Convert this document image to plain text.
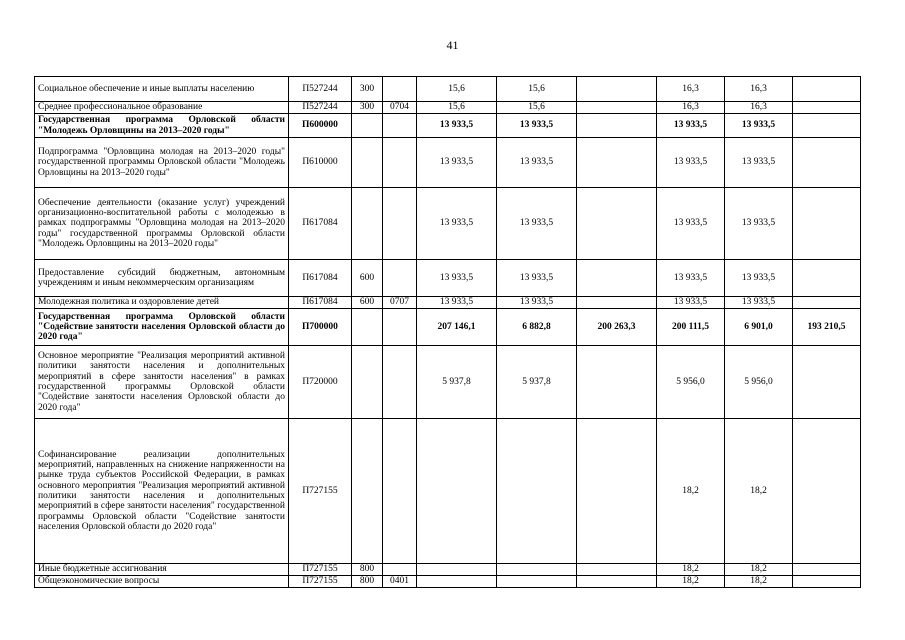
41
Социальное обеспечение и иные выплаты населению	П527244	300		15,6	15,6		16,3	16,3	
Среднее профессиональное образование	П527244	300	0704	15,6	15,6		16,3	16,3	
Государственная программа Орловской области "Молодежь Орловщины на 2013–2020 годы"	П600000			13 933,5	13 933,5		13 933,5	13 933,5	
Подпрограмма "Орловщина молодая на 2013–2020 годы" государственной программы Орловской области "Молодежь Орловщины на 2013–2020 годы"	П610000			13 933,5	13 933,5		13 933,5	13 933,5	
Обеспечение деятельности (оказание услуг) учреждений организационно-воспитательной работы с молодежью в рамках подпрограммы "Орловщина молодая на 2013–2020 годы" государственной программы Орловской области "Молодежь Орловщины на 2013–2020 годы"	П617084			13 933,5	13 933,5		13 933,5	13 933,5	
Предоставление субсидий бюджетным, автономным учреждениям и иным некоммерческим организациям	П617084	600		13 933,5	13 933,5		13 933,5	13 933,5	
Молодежная политика и оздоровление детей	П617084	600	0707	13 933,5	13 933,5		13 933,5	13 933,5	
Государственная программа Орловской области "Содействие занятости населения Орловской области до 2020 года"	П700000			207 146,1	6 882,8	200 263,3	200 111,5	6 901,0	193 210,5
Основное мероприятие "Реализация мероприятий активной политики занятости населения и дополнительных мероприятий в сфере занятости населения" в рамках государственной программы Орловской области "Содействие занятости населения Орловской области до 2020 года"	П720000			5 937,8	5 937,8		5 956,0	5 956,0	
Софинансирование реализации дополнительных мероприятий, направленных на снижение напряженности на рынке труда субъектов Российской Федерации, в рамках основного мероприятия "Реализация мероприятий активной политики занятости населения и дополнительных мероприятий в сфере занятости населения" государственной программы Орловской области "Содействие занятости населения Орловской области до 2020 года"	П727155						18,2	18,2	
Иные бюджетные ассигнования	П727155	800					18,2	18,2	
Общеэкономические вопросы	П727155	800	0401				18,2	18,2	
